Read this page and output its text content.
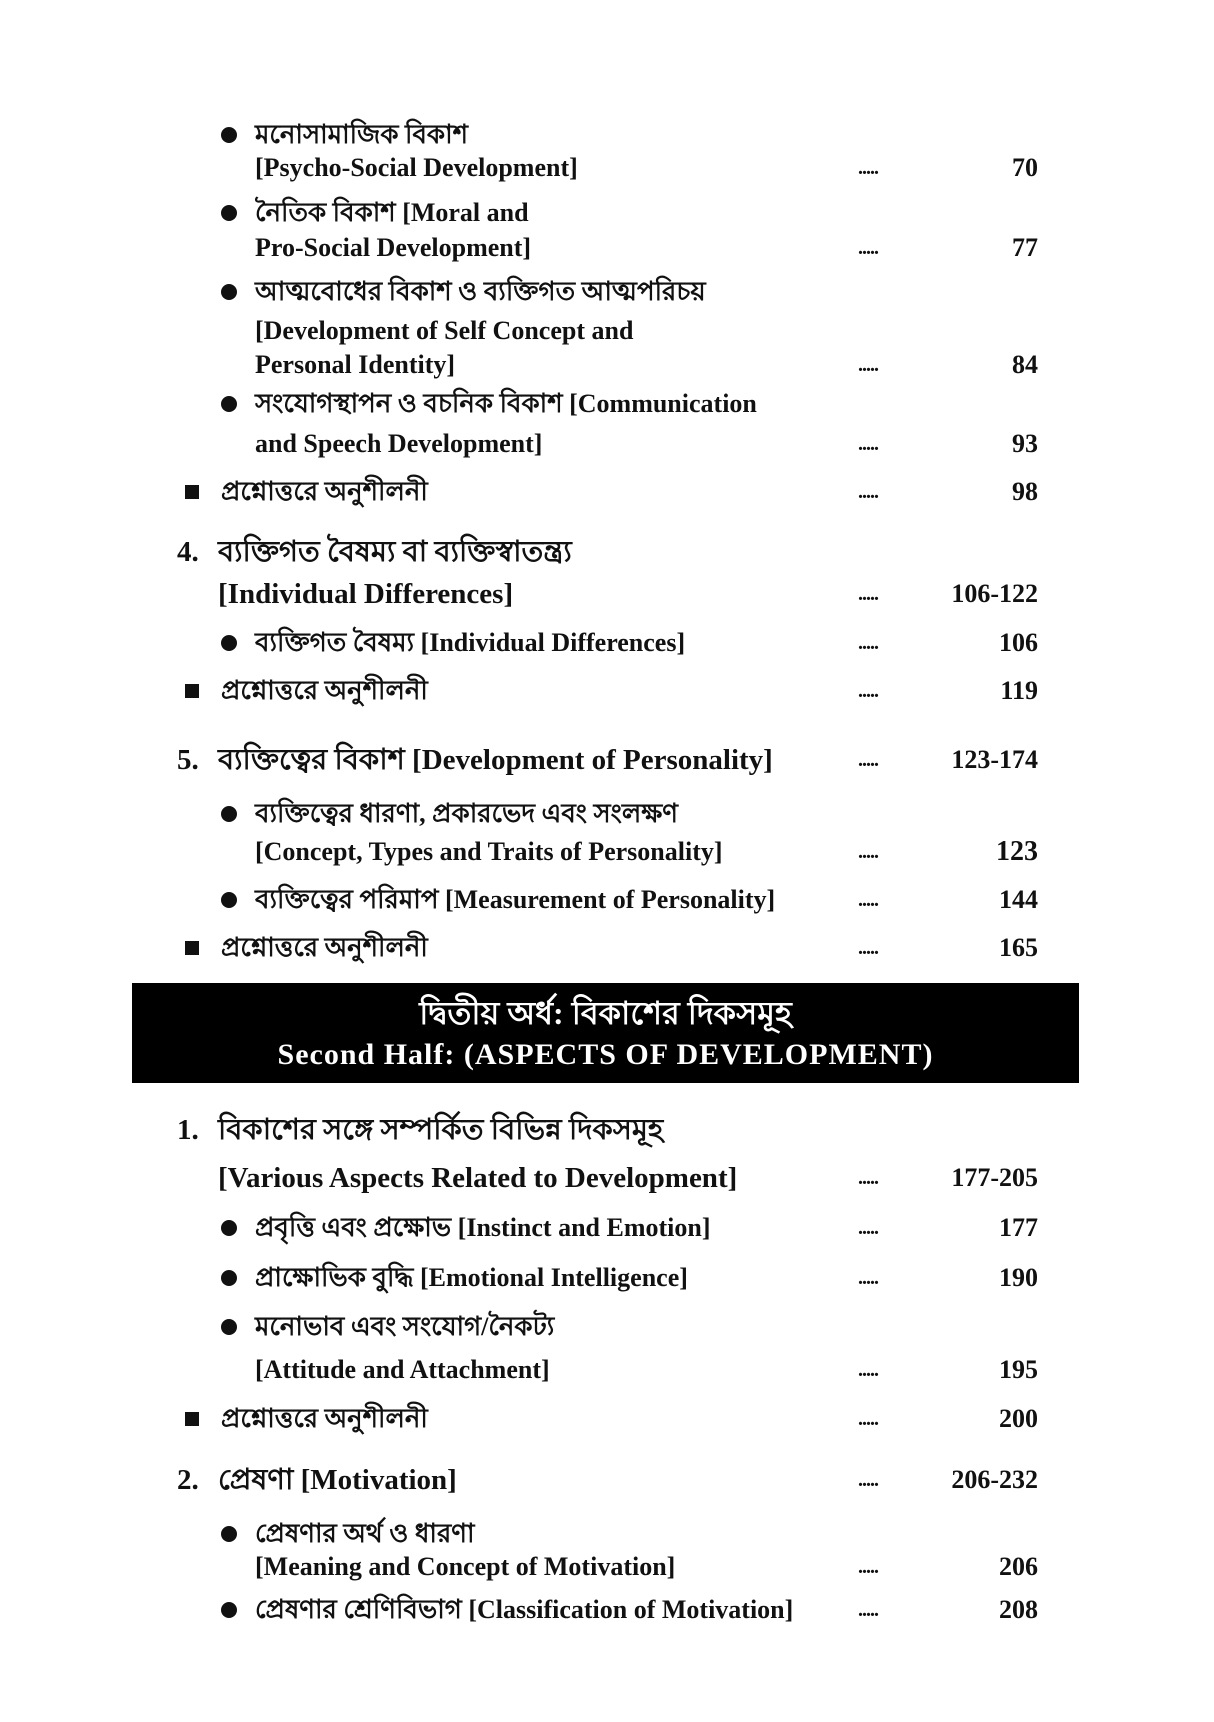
মনোসামাজিক বিকাশ
[Psycho-Social Development]	.....	70
নৈতিক বিকাশ [Moral and
Pro-Social Development]	.....	77
আত্মবোধের বিকাশ ও ব্যক্তিগত আত্মপরিচয়
[Development of Self Concept and
Personal Identity]	.....	84
সংযোগস্থাপন ও বচনিক বিকাশ [Communication
and Speech Development]	.....	93
প্রশ্নোত্তরে অনুশীলনী	.....	98
4. ব্যক্তিগত বৈষম্য বা ব্যক্তিস্বাতন্ত্র্য
[Individual Differences]	.....	106-122
ব্যক্তিগত বৈষম্য [Individual Differences]	.....	106
প্রশ্নোত্তরে অনুশীলনী	.....	119
5. ব্যক্তিত্বের বিকাশ [Development of Personality]	.....	123-174
ব্যক্তিত্বের ধারণা, প্রকারভেদ এবং সংলক্ষণ
[Concept, Types and Traits of Personality]	.....	123
ব্যক্তিত্বের পরিমাপ [Measurement of Personality]	.....	144
প্রশ্নোত্তরে অনুশীলনী	.....	165
দ্বিতীয় অর্ধ: বিকাশের দিকসমূহ
Second Half: (ASPECTS OF DEVELOPMENT)
1. বিকাশের সঙ্গে সম্পর্কিত বিভিন্ন দিকসমূহ
[Various Aspects Related to Development]	.....	177-205
প্রবৃত্তি এবং প্রক্ষোভ [Instinct and Emotion]	.....	177
প্রাক্ষোভিক বুদ্ধি [Emotional Intelligence]	.....	190
মনোভাব এবং সংযোগ/নৈকট্য
[Attitude and Attachment]	.....	195
প্রশ্নোত্তরে অনুশীলনী	.....	200
2. প্রেষণা [Motivation]	.....	206-232
প্রেষণার অর্থ ও ধারণা
[Meaning and Concept of Motivation]	.....	206
প্রেষণার শ্রেণিবিভাগ [Classification of Motivation]	.....	208
